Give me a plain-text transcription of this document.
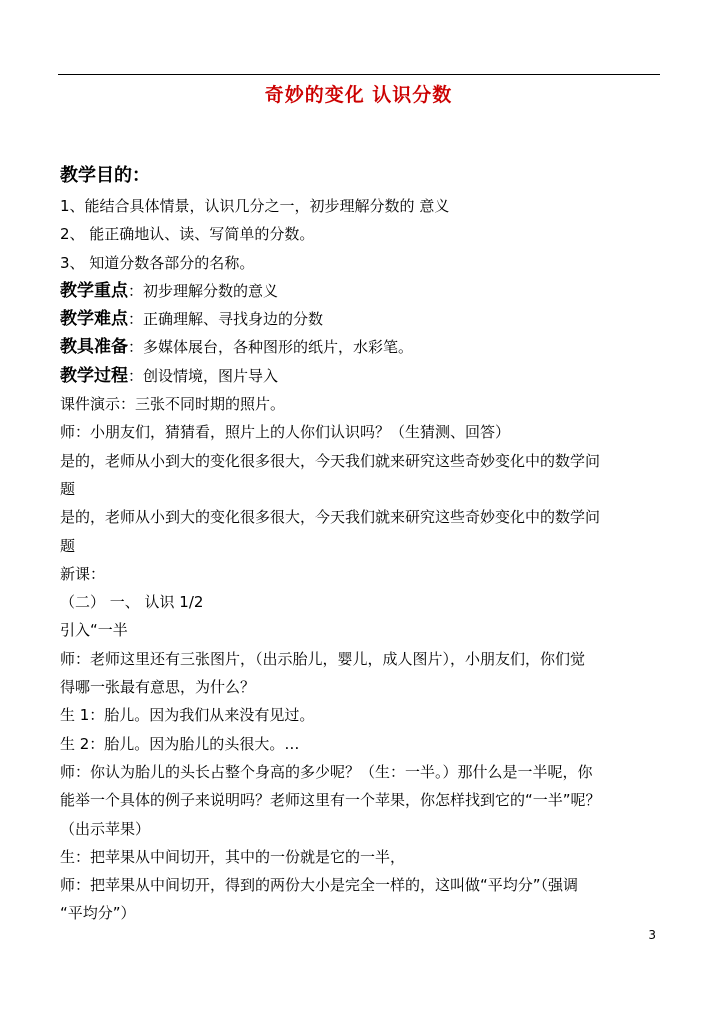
奇妙的变化 认识分数
教学目的：
1、能结合具体情景，认识几分之一，初步理解分数的 意义
2、 能正确地认、读、写简单的分数。
3、 知道分数各部分的名称。
教学重点：初步理解分数的意义
教学难点：正确理解、寻找身边的分数
教具准备：多媒体展台，各种图形的纸片，水彩笔。
教学过程：创设情境，图片导入
课件演示：三张不同时期的照片。
师：小朋友们，猜猜看，照片上的人你们认识吗？（生猜测、回答）
是的，老师从小到大的变化很多很大，今天我们就来研究这些奇妙变化中的数学问
题
是的，老师从小到大的变化很多很大，今天我们就来研究这些奇妙变化中的数学问
题
新课：
（二） 一、 认识 1/2
引入“一半
师：老师这里还有三张图片，（出示胎儿，婴儿，成人图片），小朋友们，你们觉
得哪一张最有意思，为什么？
生 1：胎儿。因为我们从来没有见过。
生 2：胎儿。因为胎儿的头很大。…
师：你认为胎儿的头长占整个身高的多少呢？（生：一半。）那什么是一半呢，你
能举一个具体的例子来说明吗？老师这里有一个苹果，你怎样找到它的“一半”呢？
（出示苹果）
生：把苹果从中间切开，其中的一份就是它的一半，
师：把苹果从中间切开，得到的两份大小是完全一样的，这叫做“平均分”（强调
“平均分”）
3
